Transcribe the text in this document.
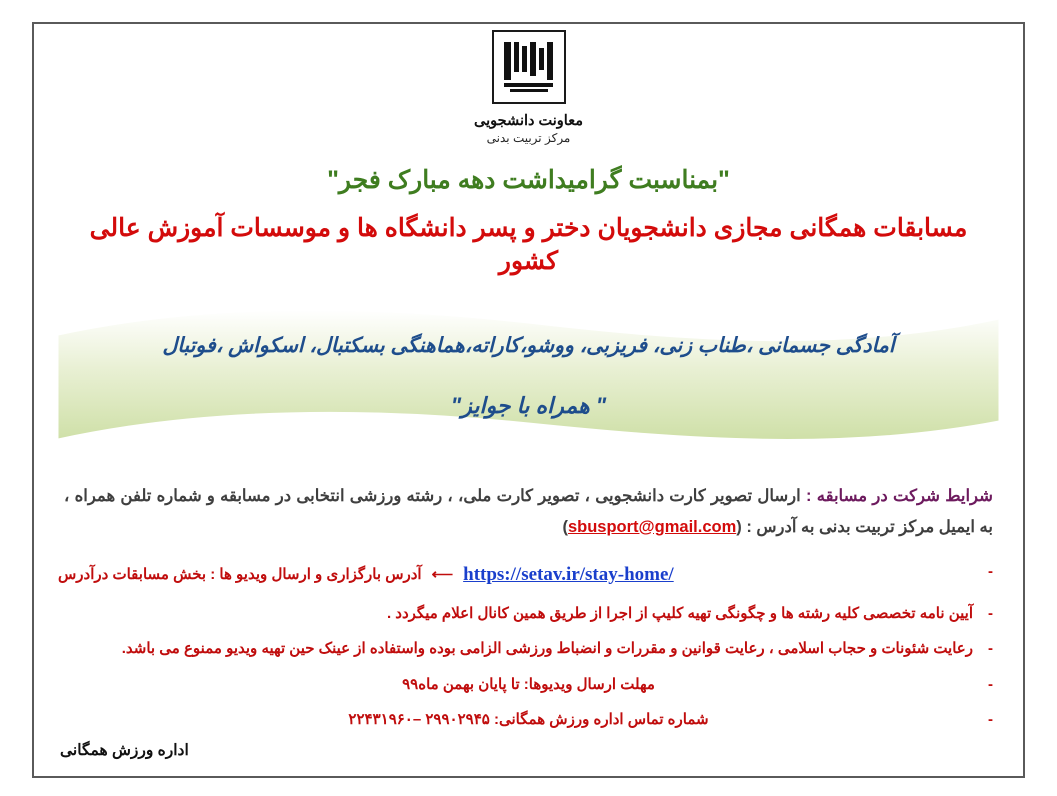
معاونت دانشجویی
مرکز تربیت بدنی
"بمناسبت گرامیداشت دهه مبارک فجر"
مسابقات همگانی مجازی دانشجویان دختر و پسر دانشگاه ها و موسسات آموزش عالی کشور
آمادگی جسمانی ،طناب زنی، فریزبی، ووشو،کاراته،هماهنگی بسکتبال، اسکواش ،فوتبال
" همراه با جوایز"

شرایط شرکت در مسابقه : ارسال تصویر کارت دانشجویی ، تصویر کارت ملی، ، رشته ورزشی انتخابی در مسابقه و شماره تلفن همراه ، به ایمیل مرکز تربیت بدنی به آدرس : (sbusport@gmail.com)

-
آدرس بارگزاری و ارسال ویدیو ها : بخش مسابقات درآدرس ⟵ https://setav.ir/stay-home/
-
آیین نامه تخصصی کلیه رشته ها و چگونگی تهیه کلیپ از اجرا از طریق همین کانال اعلام میگردد .
-
رعایت شئونات و حجاب اسلامی ، رعایت قوانین و مقررات و انضباط ورزشی الزامی بوده واستفاده از عینک حین تهیه ویدیو ممنوع می باشد.
-
مهلت ارسال ویدیوها: تا پایان بهمن ماه۹۹
-
شماره تماس اداره ورزش همگانی: ۲۹۹۰۲۹۴۵ –۲۲۴۳۱۹۶۰
اداره ورزش همگانی
